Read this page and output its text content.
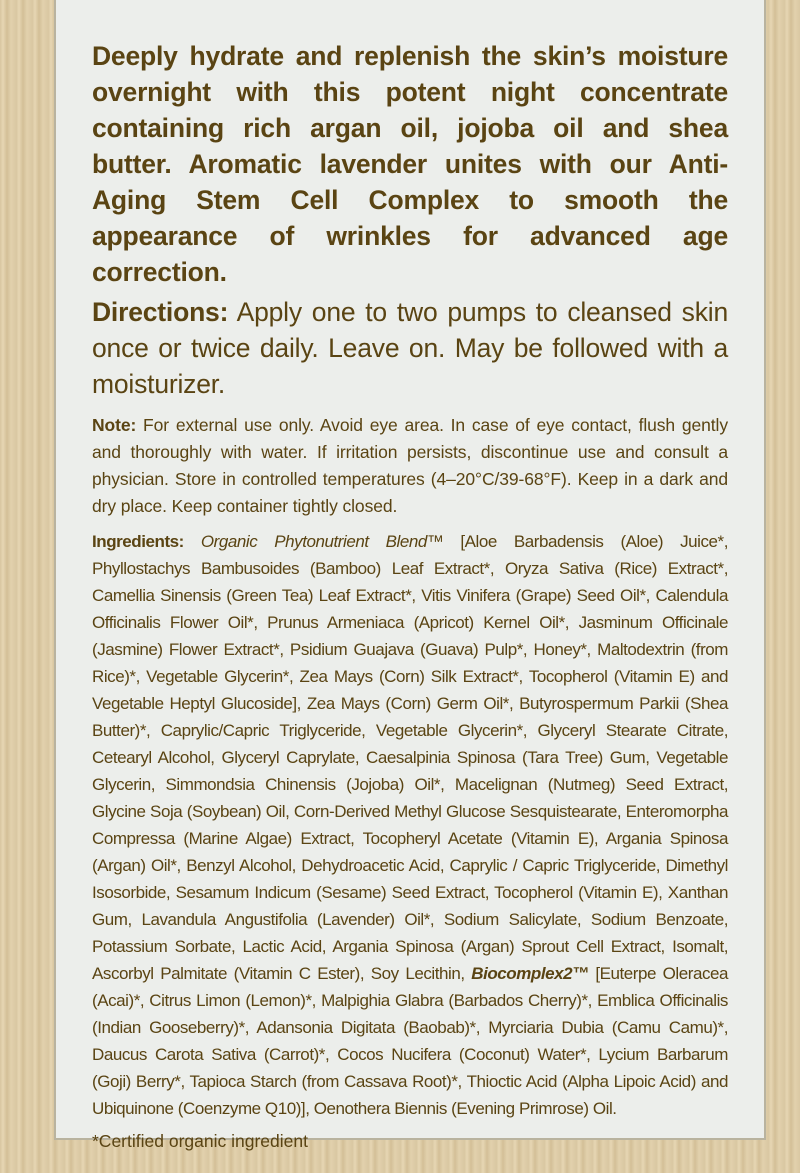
Deeply hydrate and replenish the skin’s moisture overnight with this potent night concentrate containing rich argan oil, jojoba oil and shea butter. Aromatic lavender unites with our Anti-Aging Stem Cell Complex to smooth the appearance of wrinkles for advanced age correction.

Directions: Apply one to two pumps to cleansed skin once or twice daily. Leave on. May be followed with a moisturizer.

Note: For external use only. Avoid eye area. In case of eye contact, flush gently and thoroughly with water. If irritation persists, discontinue use and consult a physician. Store in controlled temperatures (4–20°C/39-68°F). Keep in a dark and dry place. Keep container tightly closed.

Ingredients: Organic Phytonutrient Blend™ [Aloe Barbadensis (Aloe) Juice*, Phyllostachys Bambusoides (Bamboo) Leaf Extract*, Oryza Sativa (Rice) Extract*, Camellia Sinensis (Green Tea) Leaf Extract*, Vitis Vinifera (Grape) Seed Oil*, Calendula Officinalis Flower Oil*, Prunus Armeniaca (Apricot) Kernel Oil*, Jasminum Officinale (Jasmine) Flower Extract*, Psidium Guajava (Guava) Pulp*, Honey*, Maltodextrin (from Rice)*, Vegetable Glycerin*, Zea Mays (Corn) Silk Extract*, Tocopherol (Vitamin E) and Vegetable Heptyl Glucoside], Zea Mays (Corn) Germ Oil*, Butyrospermum Parkii (Shea Butter)*, Caprylic/Capric Triglyceride, Vegetable Glycerin*, Glyceryl Stearate Citrate, Cetearyl Alcohol, Glyceryl Caprylate, Caesalpinia Spinosa (Tara Tree) Gum, Vegetable Glycerin, Simmondsia Chinensis (Jojoba) Oil*, Macelignan (Nutmeg) Seed Extract, Glycine Soja (Soybean) Oil, Corn-Derived Methyl Glucose Sesquistearate, Enteromorpha Compressa (Marine Algae) Extract, Tocopheryl Acetate (Vitamin E), Argania Spinosa (Argan) Oil*, Benzyl Alcohol, Dehydroacetic Acid, Caprylic / Capric Triglyceride, Dimethyl Isosorbide, Sesamum Indicum (Sesame) Seed Extract, Tocopherol (Vitamin E), Xanthan Gum, Lavandula Angustifolia (Lavender) Oil*, Sodium Salicylate, Sodium Benzoate, Potassium Sorbate, Lactic Acid, Argania Spinosa (Argan) Sprout Cell Extract, Isomalt, Ascorbyl Palmitate (Vitamin C Ester), Soy Lecithin, Biocomplex2™ [Euterpe Oleracea (Acai)*, Citrus Limon (Lemon)*, Malpighia Glabra (Barbados Cherry)*, Emblica Officinalis (Indian Gooseberry)*, Adansonia Digitata (Baobab)*, Myrciaria Dubia (Camu Camu)*, Daucus Carota Sativa (Carrot)*, Cocos Nucifera (Coconut) Water*, Lycium Barbarum (Goji) Berry*, Tapioca Starch (from Cassava Root)*, Thioctic Acid (Alpha Lipoic Acid) and Ubiquinone (Coenzyme Q10)], Oenothera Biennis (Evening Primrose) Oil.

*Certified organic ingredient
